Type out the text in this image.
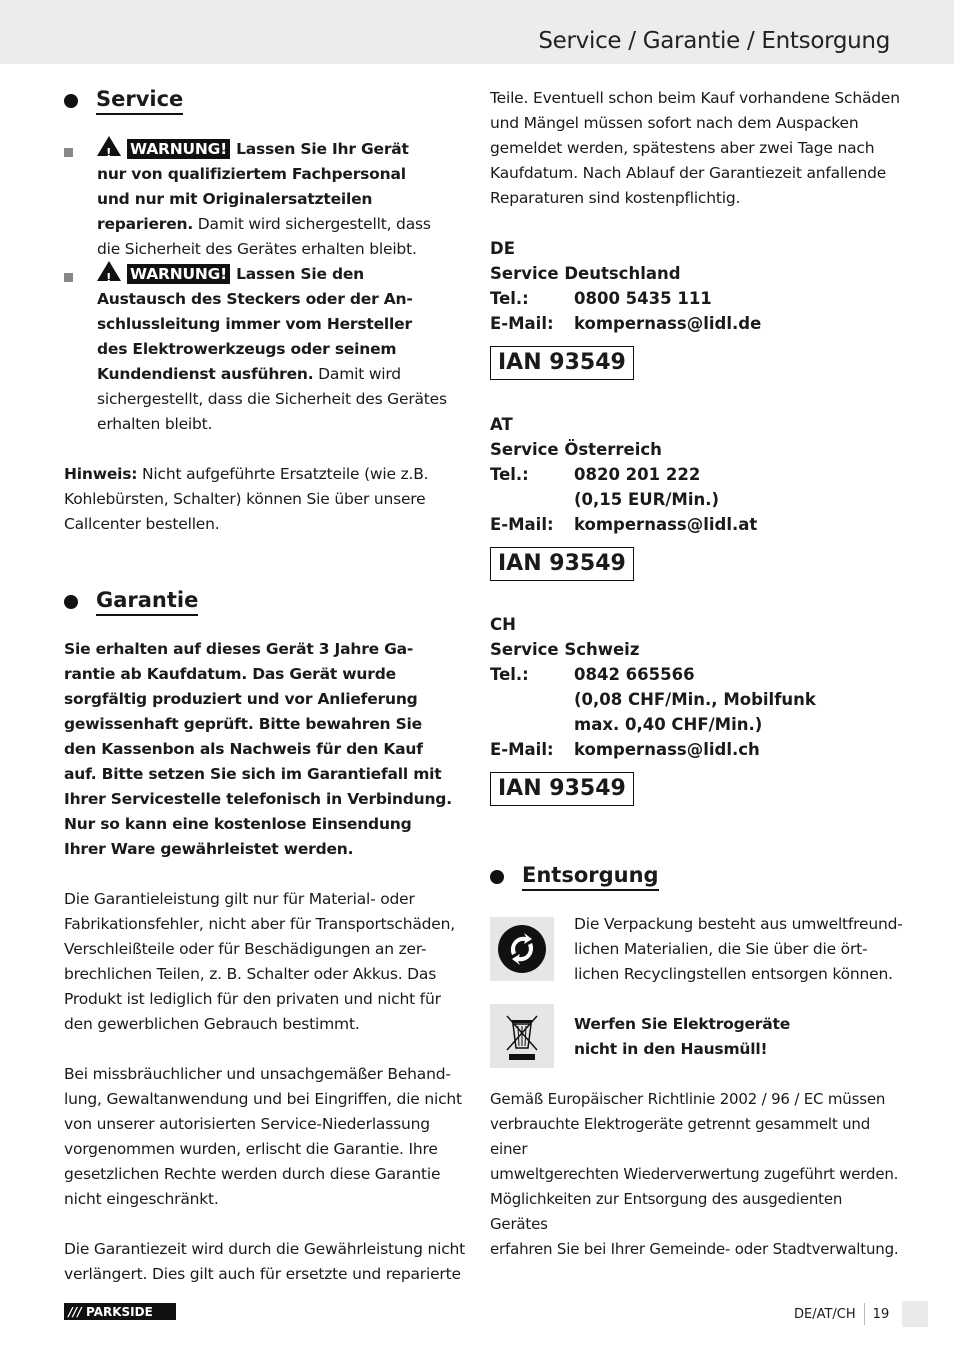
Service / Garantie / Entsorgung
Service
! WARNUNG! Lassen Sie Ihr Gerät
nur von qualifiziertem Fachpersonal
und nur mit Originalersatzteilen
reparieren. Damit wird sichergestellt, dass
die Sicherheit des Gerätes erhalten bleibt.
! WARNUNG! Lassen Sie den
Austausch des Steckers oder der An-
schlussleitung immer vom Hersteller
des Elektrowerkzeugs oder seinem
Kundendienst ausführen. Damit wird
sichergestellt, dass die Sicherheit des Gerätes
erhalten bleibt.
Hinweis: Nicht aufgeführte Ersatzteile (wie z.B.
Kohlebürsten, Schalter) können Sie über unsere
Callcenter bestellen.
Garantie
Sie erhalten auf dieses Gerät 3 Jahre Ga-
rantie ab Kaufdatum. Das Gerät wurde
sorgfältig produziert und vor Anlieferung
gewissenhaft geprüft. Bitte bewahren Sie
den Kassenbon als Nachweis für den Kauf
auf. Bitte setzen Sie sich im Garantiefall mit
Ihrer Servicestelle telefonisch in Verbindung.
Nur so kann eine kostenlose Einsendung
Ihrer Ware gewährleistet werden.
Die Garantieleistung gilt nur für Material- oder
Fabrikationsfehler, nicht aber für Transportschäden,
Verschleißteile oder für Beschädigungen an zer-
brechlichen Teilen, z. B. Schalter oder Akkus. Das
Produkt ist lediglich für den privaten und nicht für
den gewerblichen Gebrauch bestimmt.
Bei missbräuchlicher und unsachgemäßer Behand-
lung, Gewaltanwendung und bei Eingriffen, die nicht
von unserer autorisierten Service-Niederlassung
vorgenommen wurden, erlischt die Garantie. Ihre
gesetzlichen Rechte werden durch diese Garantie
nicht eingeschränkt.
Die Garantiezeit wird durch die Gewährleistung nicht
verlängert. Dies gilt auch für ersetzte und reparierte
Teile. Eventuell schon beim Kauf vorhandene Schäden
und Mängel müssen sofort nach dem Auspacken
gemeldet werden, spätestens aber zwei Tage nach
Kaufdatum. Nach Ablauf der Garantiezeit anfallende
Reparaturen sind kostenpflichtig.
DE
Service Deutschland
Tel.:	0800 5435 111
E-Mail:	kompernass@lidl.de
IAN 93549
AT
Service Österreich
Tel.:	0820 201 222
(0,15 EUR/Min.)
E-Mail:	kompernass@lidl.at
IAN 93549
CH
Service Schweiz
Tel.:	0842 665566
(0,08 CHF/Min., Mobilfunk
max. 0,40 CHF/Min.)
E-Mail:	kompernass@lidl.ch
IAN 93549
Entsorgung
Die Verpackung besteht aus umweltfreund-
lichen Materialien, die Sie über die ört-
lichen Recyclingstellen entsorgen können.
Werfen Sie Elektrogeräte
nicht in den Hausmüll!
Gemäß Europäischer Richtlinie 2002 / 96 / EC müssen
verbrauchte Elektrogeräte getrennt gesammelt und einer
umweltgerechten Wiederverwertung zugeführt werden.
Möglichkeiten zur Entsorgung des ausgedienten Gerätes
erfahren Sie bei Ihrer Gemeinde- oder Stadtverwaltung.
/// PARKSIDE	DE/AT/CH 19
